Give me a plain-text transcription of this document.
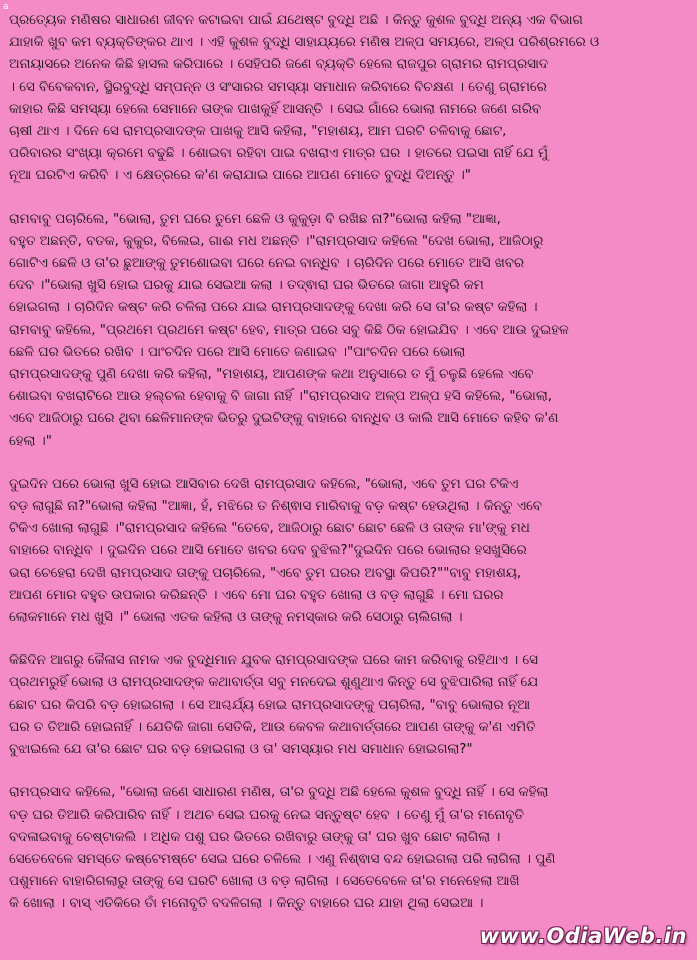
a
ପ୍ରତ୍ୟେକ ମଣିଷର ସାଧାରଣ ଜୀବନ କଟାଇବା ପାଇଁ ଯଥେଷ୍ଟ ବୁଦ୍ଧି ଅଛି । କିନ୍ତୁ କୁଶଳ ବୁଦ୍ଧି ଅନ୍ୟ ଏକ ବିଭାଗ
ଯାହାକି ଖୁବ କମ ବ୍ୟକ୍ତିଙ୍କର ଥାଏ । ଏହି କୁଶଳ ବୁଦ୍ଧି ସାହାଯ୍ୟରେ ମଣିଷ ଅଳ୍ପ ସମୟରେ, ଅଳ୍ପ ପରିଶ୍ରମରେ ଓ
ଅନାୟାସରେ ଅନେକ କିଛି ହାସଲ କରିପାରେ । ସେହିପରି ଜଣେ ବ୍ୟକ୍ତି ହେଲେ ରାଜପୁର ଗ୍ରାମର ରାମପ୍ରସାଦ
। ସେ ବିବେକବାନ, ସ୍ଥିରବୁଦ୍ଧି ସମ୍ପନ୍ନ ଓ ସଂସାରର ସମସ୍ୟା ସମାଧାନ କରିବାରେ ବିଚକ୍ଷଣ । ତେଣୁ ଗ୍ରାମରେ
କାହାର କିଛି ସମସ୍ୟା ହେଲେ ସେମାନେ ତାଙ୍କ ପାଖକୁହିଁ ଆସନ୍ତି । ସେଇ ଗାଁରେ ଭୋଲା ନାମରେ ଜଣେ ଗରିବ
ଚାଷୀ ଥାଏ । ଦିନେ ସେ ରାମପ୍ରସାଦଙ୍କ ପାଖକୁ ଆସି କହିଲା, "ମହାଶୟ, ଆମ ଘରଟି ଚଳିବାକୁ ଛୋଟ,
ପରିବାରର ସଂଖ୍ୟା କ୍ରମେ ବଢୁଛି । ଶୋଇବା ରହିବା ପାଇ ବଖରାଏ ମାତ୍ର ଘର । ହାତରେ ପଇସା ନାହିଁ ଯେ ମୁଁ
ନୂଆ ଘରଟିଏ କରିବି । ଏ କ୍ଷେତ୍ରରେ କ'ଣ କରାଯାଇ ପାରେ ଆପଣ ମୋତେ ବୁଦ୍ଧି ଦିଅନ୍ତୁ ।"
ରାମବାବୁ ପଚାରିଲେ, "ଭୋଲା, ତୁମ ଘରେ ତୁମେ ଛେଳି ଓ କୁକୁଡ଼ା ବି ରଖିଛ ନା?"ଭୋଲା କହିଲା "ଆଜ୍ଞା,
ବହୁତ ଅଛନ୍ତି, ବତକ, କୁକୁର, ବିଲେଇ, ଗାଈ ମଧ ଅଛନ୍ତି ।"ରାମପ୍ରସାଦ କହିଲେ "ଦେଖ ଭୋଲା, ଆଜିଠାରୁ
ଗୋଟିଏ ଛେଳି ଓ ତା'ର ଛୁଆଙ୍କୁ ତୁମଶୋଇବା ଘରେ ନେଇ ବାନ୍ଧିବ । ଚାରିଦିନ ପରେ ମୋତେ ଆସି ଖବର
ଦେବ ।"ଭୋଲା ଖୁସି ହୋଇ ଘରକୁ ଯାଇ ସେଇଆ କଲା । ତଦ୍ଵାରା ଘର ଭିତରେ ଜାଗା ଆହୁରି କମ
ହୋଇଗଲା । ଚାରିଦିନ କଷ୍ଟ କରି ଚଳିଲା ପରେ ଯାଇ ରାମପ୍ରସାଦଙ୍କୁ ଦେଖା କରି ସେ ତା'ର କଷ୍ଟ କହିଲା ।
ରାମବାବୁ କହିଲେ, "ପ୍ରଥମେ ପ୍ରଥମେ କଷ୍ଟ ହେବ, ମାତ୍ର ପରେ ସବୁ କିଛି ଠିକ ହୋଇଯିବ । ଏବେ ଆଉ ଦୁଇହଳ
ଛେଳି ଘର ଭିତରେ ରଖିବ । ପାଂଚଦିନ ପରେ ଆସି ମୋତେ ଜଣାଇବ ।"ପାଂଚଦିନ ପରେ ଭୋଲା
ରାମପ୍ରସାଦଙ୍କୁ ପୁଣି ଦେଖା କରି କହିଲା, "ମହାଶୟ, ଆପଣଙ୍କ କଥା ଅନୁସାରେ ତ ମୁଁ ଚଳୁଛି ହେଲେ ଏବେ
ଶୋଇବା ବଖରାଟିରେ ଆଉ ହଲ୍‌ଚଲ ହେବାକୁ ବି ଜାଗା ନାହିଁ ।"ରାମପ୍ରସାଦ ଅଳ୍ପ ଅଳ୍ପ ହସି କହିଲେ, "ଭୋଲା,
ଏବେ ଆଜିଠାରୁ ଘରେ ଥିବା ଛେଳିମାନଙ୍କ ଭିତରୁ ଦୁଇଟିଙ୍କୁ ବାହାରେ ବାନ୍ଧିବ ଓ କାଲି ଆସି ମୋତେ କହିବ କ'ଣ
ହେଲା ।"
ଦୁଇଦିନ ପରେ ଭୋଲା ଖୁସି ହୋଇ ଆସିବାର ଦେଖି ରାମପ୍ରସାଦ କହିଲେ, "ଭୋଲା, ଏବେ ତୁମ ଘର ଟିକିଏ
ବଡ଼ ଲାଗୁଛି ନା?"ଭୋଲା କହିଲା "ଆଜ୍ଞା, ହଁ, ମଝିରେ ତ ନିଶ୍ଵାସ ମାରିବାକୁ ବଡ଼ କଷ୍ଟ ହେଉଥିଲା । କିନ୍ତୁ ଏବେ
ଟିକିଏ ଖୋଲା ଲାଗୁଛି ।"ରାମପ୍ରସାଦ କହିଲେ "ତେବେ, ଆଜିଠାରୁ ଛୋଟ ଛୋଟ ଛେଳି ଓ ତାଙ୍କ ମା'ଙ୍କୁ ମଧ
ବାହାରେ ବାନ୍ଧିବ । ଦୁଇଦିନ ପରେ ଆସି ମୋତେ ଖବର ଦେବ ବୁଝିଲ?"ଦୁଇଦିନ ପରେ ଭୋଲାର ହସଖୁସିରେ
ଭରା ଚେହେରା ଦେଖି ରାମପ୍ରସାଦ ତାଙ୍କୁ ପଚାରିଲେ, "ଏବେ ତୁମ ଘରର ଅବସ୍ଥା କିପରି?""ବାବୁ ମହାଶୟ,
ଆପଣ ମୋର ବହୁତ ଉପକାର କରିଛନ୍ତି । ଏବେ ମୋ ଘର ବହୁତ ଖୋଲା ଓ ବଡ଼ ଲାଗୁଛି । ମୋ ଘରର
ଲୋକମାନେ ମଧ ଖୁସି ।" ଭୋଲା ଏତକ କହିଲା ଓ ତାଙ୍କୁ ନମସ୍କାର କରି ସେଠାରୁ ଚାଲିଗଲା ।
କିଛିଦିନ ଆଗରୁ କୈଳାସ ନାମକ ଏକ ବୁଦ୍ଧିମାନ ଯୁବକ ରାମପ୍ରସାଦଙ୍କ ଘରେ କାମ କରିବାକୁ ରହିଥାଏ । ସେ
ପ୍ରଥମରୁହିଁ ଭୋଲା ଓ ରାମପ୍ରସାଦଙ୍କ କଥାବାର୍ତ୍ତା ସବୁ ମନଦେଇ ଶୁଣୁଥାଏ କିନ୍ତୁ ସେ ବୁଝିପାରିଲା ନାହିଁ ଯେ
ଛୋଟ ଘର କିପରି ବଡ଼ ହୋଇଗଲା । ସେ ଆଶ୍ଚର୍ଯ୍ୟ ହୋଇ ରାମପ୍ରସାଦଙ୍କୁ ପଚାରିଲା, "ବାବୁ ଭୋଲାର ନୂଆ
ଘର ତ ତିଆରି ହୋଇନାହିଁ । ଯେତିକି ଜାଗା ସେତିକି, ଆଉ କେବଳ କଥାବାର୍ତ୍ତାରେ ଆପଣ ତାଙ୍କୁ କ'ଣ ଏମିତି
ବୁଝାଇଲେ ଯେ ତା'ର ଛୋଟ ଘର ବଡ଼ ହୋଇଗଲା ଓ ତା' ସମସ୍ୟାର ମଧ ସମାଧାନ ହୋଇଗଲା?"
ରାମପ୍ରସାଦ କହିଲେ, "ଭୋଲା ଜଣେ ସାଧାରଣ ମଣିଷ, ତା'ର ବୁଦ୍ଧି ଅଛି ହେଲେ କୁଶଳ ବୁଦ୍ଧି ନାହିଁ । ସେ କହିଲା
ବଡ଼ ଘର ତିଆରି କରିପାରିବ ନାହିଁ । ଅଥଚ ସେଇ ଘରକୁ ନେଇ ସନ୍ତୁଷ୍ଟ ହେବ । ତେଣୁ ମୁଁ ତା'ର ମନୋବୃତି
ବଦଳାଇବାକୁ ଚେଷ୍ଟାକଲି । ଅଧିକ ପଶୁ ଘର ଭିତରେ ରଖିବାରୁ ତାଙ୍କୁ ତା' ଘର ଖୁବ ଛୋଟ ଲାଗିଲା ।
ସେତେବେଳେ ସମସ୍ତେ କଷ୍ଟେମଷ୍ଟେ ସେଇ ଘରେ ଚଳିଲେ । ଏଣୁ ନିଶ୍ଵାସ ବନ୍ଦ ହୋଇଗଲା ପରି ଲାଗିଲା । ପୁଣି
ପଶୁମାନେ ବାହାରିଗଲାରୁ ତାଙ୍କୁ ସେ ଘରଟି ଖୋଲା ଓ ବଡ଼ ଲାଗିଲା । ସେତେବେଳେ ତା'ର ମନେହେଲା ଆଖି
କି ଖୋଲା । ବାସ୍ ଏତିକିରେ ତାଁ ମନୋବୃତି ବଦଳିଗଲା । କିନ୍ତୁ ବାହାରେ ଘର ଯାହା ଥିଲା ସେଇଆ ।
www.OdiaWeb.in
